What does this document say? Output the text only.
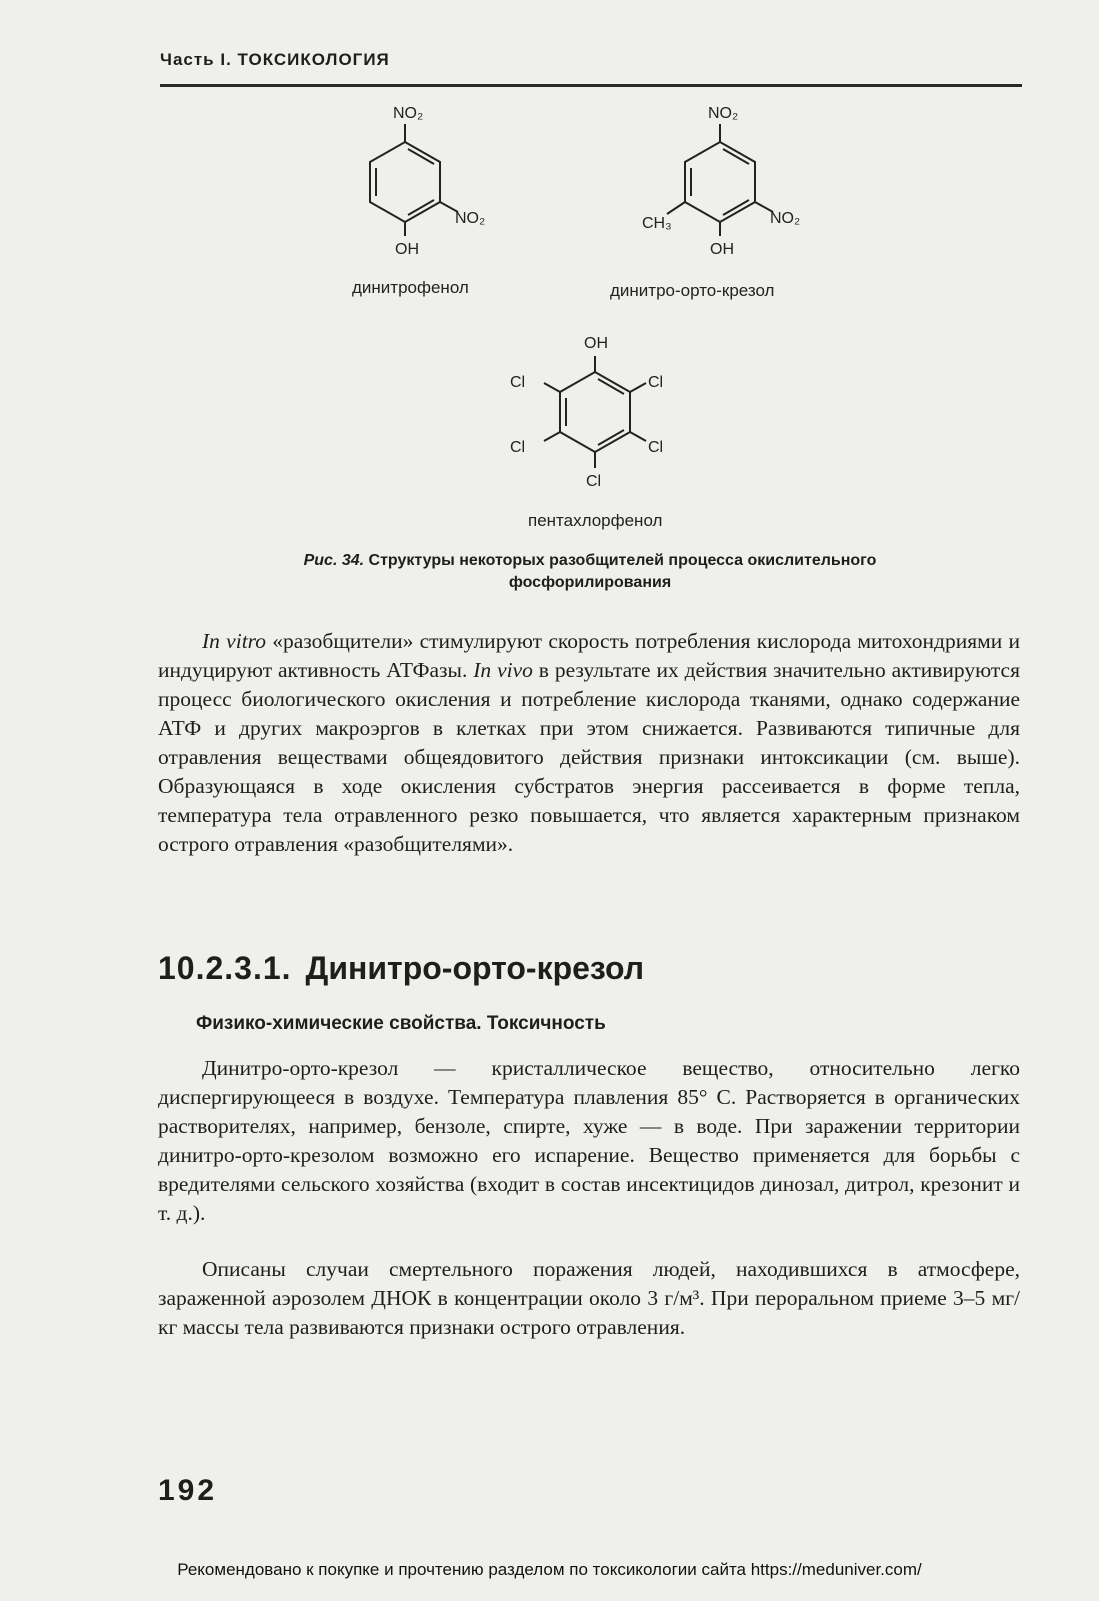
Часть I. ТОКСИКОЛОГИЯ
NO₂
NO₂
OH
динитрофенол
NO₂
NO₂
OH
CH₃
динитро-орто-крезол
OH
Cl	Cl
Cl	Cl
Cl
пентахлорфенол
Рис. 34. Структуры некоторых разобщителей процесса окислительного фосфорилирования

In vitro «разобщители» стимулируют скорость потребления кислорода митохондриями и индуцируют активность АТФазы. In vivo в результате их действия значительно активируются процесс биологического окисления и потребление кислорода тканями, однако содержание АТФ и других макроэргов в клетках при этом снижается. Развиваются типичные для отравления веществами общеядовитого действия признаки интоксикации (см. выше). Образующаяся в ходе окисления субстратов энергия рассеивается в форме тепла, температура тела отравленного резко повышается, что является характерным признаком острого отравления «разобщителями».

10.2.3.1. Динитро-орто-крезол
Физико-химические свойства. Токсичность

Динитро-орто-крезол — кристаллическое вещество, относительно легко диспергирующееся в воздухе. Температура плавления 85° С. Растворяется в органических растворителях, например, бензоле, спирте, хуже — в воде. При заражении территории динитро-орто-крезолом возможно его испарение. Вещество применяется для борьбы с вредителями сельского хозяйства (входит в состав инсектицидов динозал, дитрол, крезонит и т. д.).

Описаны случаи смертельного поражения людей, находившихся в атмосфере, зараженной аэрозолем ДНОК в концентрации около 3 г/м³. При пероральном приеме 3–5 мг/кг массы тела развиваются признаки острого отравления.

192
Рекомендовано к покупке и прочтению разделом по токсикологии сайта https://meduniver.com/
